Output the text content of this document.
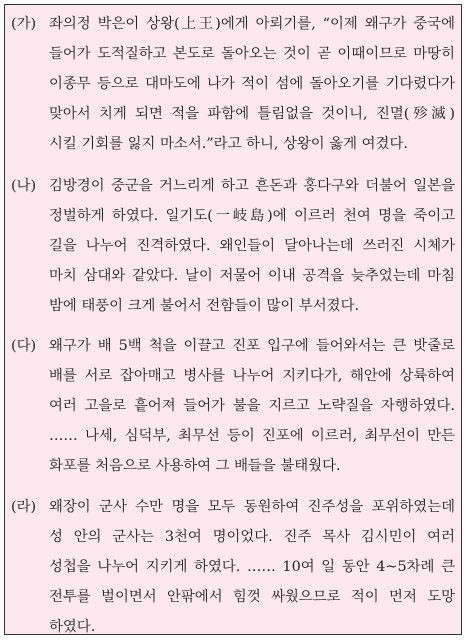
(가) 좌의정 박은이 상왕(上王)에게 아뢰기를, “이제 왜구가 중국에
들어가 도적질하고 본도로 돌아오는 것이 곧 이때이므로 마땅히
이종무 등으로 대마도에 나가 적이 섬에 돌아오기를 기다렸다가
맞아서 치게 되면 적을 파함에 틀림없을 것이니, 진멸(殄滅)
시킬 기회를 잃지 마소서.”라고 하니, 상왕이 옳게 여겼다.
(나) 김방경이 중군을 거느리게 하고 흔돈과 홍다구와 더불어 일본을
정벌하게 하였다. 일기도(一岐島)에 이르러 천여 명을 죽이고
길을 나누어 진격하였다. 왜인들이 달아나는데 쓰러진 시체가
마치 삼대와 같았다. 날이 저물어 이내 공격을 늦추었는데 마침
밤에 태풍이 크게 불어서 전함들이 많이 부서졌다.
(다) 왜구가 배 5백 척을 이끌고 진포 입구에 들어와서는 큰 밧줄로
배를 서로 잡아매고 병사를 나누어 지키다가, 해안에 상륙하여
여러 고을로 흩어져 들어가 불을 지르고 노략질을 자행하였다.
…… 나세, 심덕부, 최무선 등이 진포에 이르러, 최무선이 만든
화포를 처음으로 사용하여 그 배들을 불태웠다.
(라) 왜장이 군사 수만 명을 모두 동원하여 진주성을 포위하였는데
성 안의 군사는 3천여 명이었다. 진주 목사 김시민이 여러
성첩을 나누어 지키게 하였다. …… 10여 일 동안 4~5차례 큰
전투를 벌이면서 안팎에서 힘껏 싸웠으므로 적이 먼저 도망
하였다.
